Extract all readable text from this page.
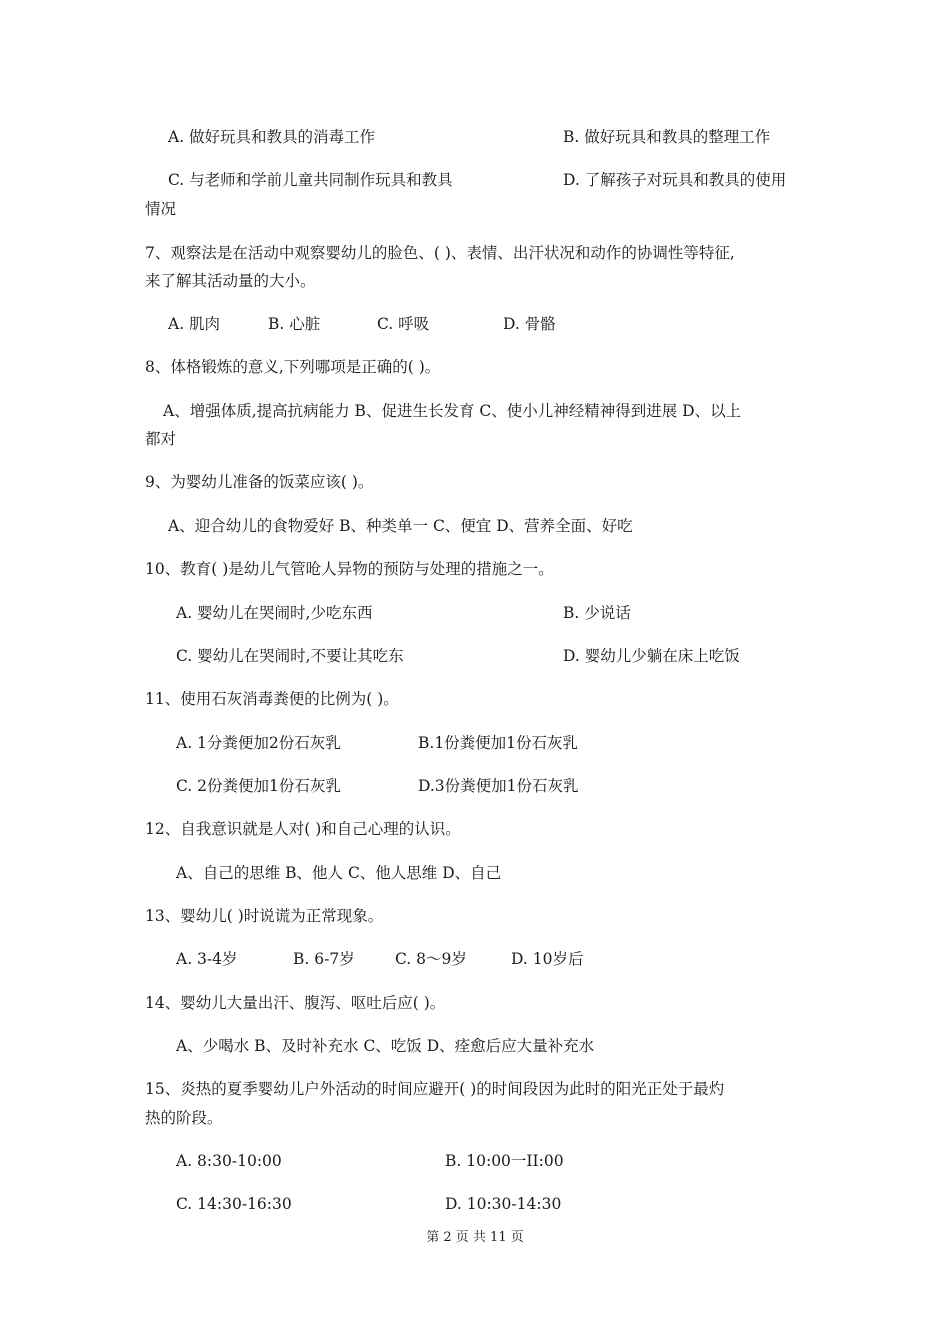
A. 做好玩具和教具的消毒工作	B. 做好玩具和教具的整理工作
C. 与老师和学前儿童共同制作玩具和教具	D. 了解孩子对玩具和教具的使用
情况
7、观察法是在活动中观察婴幼儿的脸色、( )、表情、出汗状况和动作的协调性等特征,
来了解其活动量的大小。
A. 肌肉	B. 心脏	C. 呼吸	D. 骨骼
8、体格锻炼的意义,下列哪项是正确的( )。
A、增强体质,提高抗病能力 B、促进生长发育 C、使小儿神经精神得到进展 D、以上
都对
9、为婴幼儿准备的饭菜应该( )。
A、迎合幼儿的食物爱好 B、种类单一 C、便宜 D、营养全面、好吃
10、教育( )是幼儿气管呛人异物的预防与处理的措施之一。
A. 婴幼儿在哭闹时,少吃东西	B. 少说话
C. 婴幼儿在哭闹时,不要让其吃东	D. 婴幼儿少躺在床上吃饭
11、使用石灰消毒粪便的比例为( )。
A. 1分粪便加2份石灰乳	B.1份粪便加1份石灰乳
C. 2份粪便加1份石灰乳	D.3份粪便加1份石灰乳
12、自我意识就是人对( )和自己心理的认识。
A、自己的思维 B、他人 C、他人思维 D、自己
13、婴幼儿( )时说谎为正常现象。
A. 3-4岁	B. 6-7岁	C. 8～9岁	D. 10岁后
14、婴幼儿大量出汗、腹泻、呕吐后应( )。
A、少喝水 B、及时补充水 C、吃饭 D、痊愈后应大量补充水
15、炎热的夏季婴幼儿户外活动的时间应避开( )的时间段因为此时的阳光正处于最灼
热的阶段。
A. 8:30-10:00	B. 10:00一II:00
C. 14:30-16:30	D. 10:30-14:30
第 2 页 共 11 页
